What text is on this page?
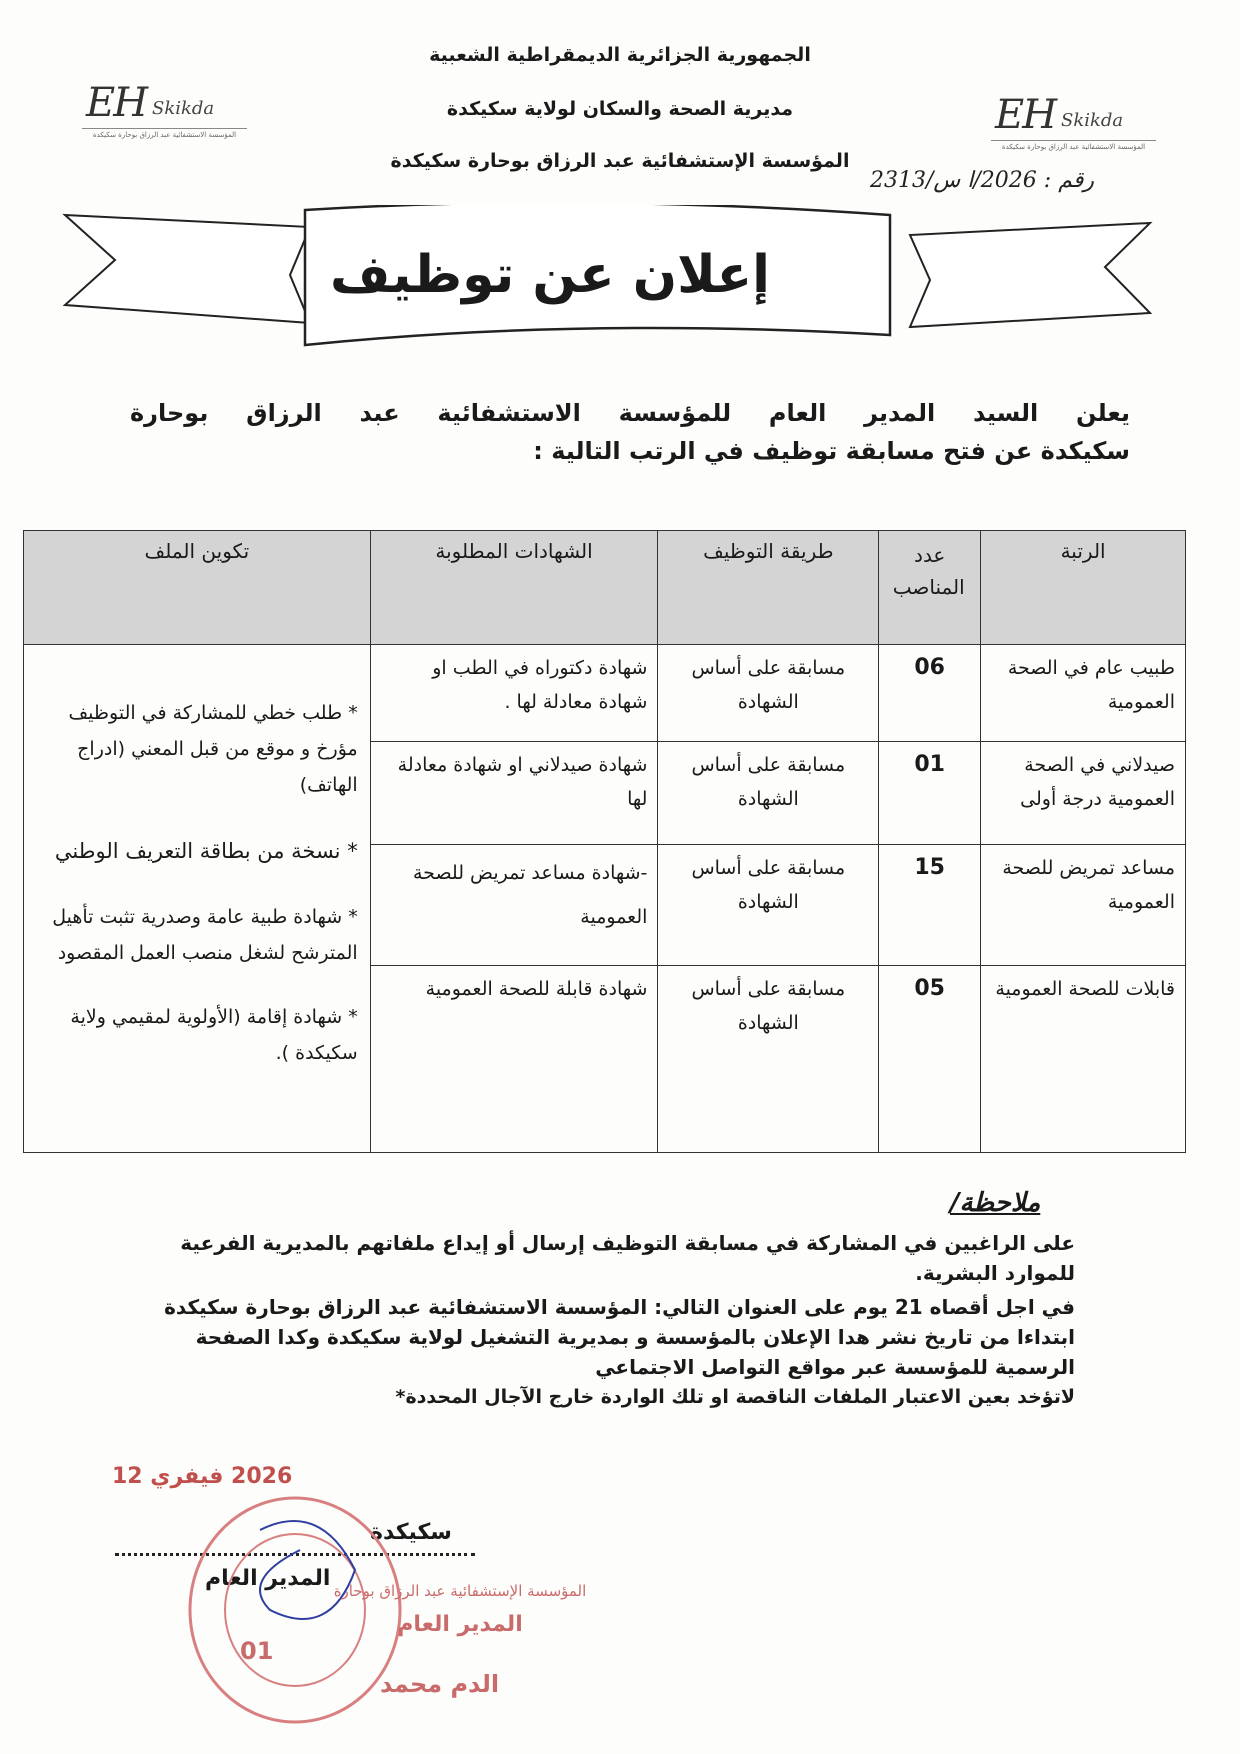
الجمهورية الجزائرية الديمقراطية الشعبية
مديرية الصحة والسكان لولاية سكيكدة
المؤسسة الإستشفائية عبد الرزاق بوحارة سكيكدة
EH Skikda
المؤسسة الاستشفائية عبد الرزاق بوحارة سكيكدة	EH Skikda
المؤسسة الاستشفائية عبد الرزاق بوحارة سكيكدة
رقم : 2026/ا س/2313
إعلان عن توظيف
يعلن السيد المدير العام للمؤسسة الاستشفائية عبد الرزاق بوحارة
سكيكدة عن فتح مسابقة توظيف في الرتب التالية :
الرتبة	عدد المناصب	طريقة التوظيف	الشهادات المطلوبة	تكوين الملف
طبيب عام في الصحة العمومية	06	مسابقة على أساس الشهادة	شهادة دكتوراه في الطب او شهادة معادلة لها .	* طلب خطي للمشاركة في التوظيف مؤرخ و موقع من قبل المعني (ادراج الهاتف)
* نسخة من بطاقة التعريف الوطني
* شهادة طبية عامة وصدرية تثبت تأهيل المترشح لشغل منصب العمل المقصود
* شهادة إقامة (الأولوية لمقيمي ولاية سكيكدة ).

صيدلاني في الصحة العمومية درجة أولى	01	مسابقة على أساس الشهادة	شهادة صيدلاني او شهادة معادلة لها	
مساعد تمريض للصحة العمومية	15	مسابقة على أساس الشهادة	-شهادة مساعد تمريض للصحة العمومية	
قابلات للصحة العمومية	05	مسابقة على أساس الشهادة	شهادة قابلة للصحة العمومية	
ملاحظة/
على الراغبين في المشاركة في مسابقة التوظيف إرسال أو إيداع ملفاتهم بالمديرية الفرعية للموارد البشرية.
في اجل أقصاه 21 يوم على العنوان التالي: المؤسسة الاستشفائية عبد الرزاق بوحارة سكيكدة
ابتداءا من تاريخ نشر هدا الإعلان بالمؤسسة و بمديرية التشغيل لولاية سكيكدة وكدا الصفحة
الرسمية للمؤسسة عبر مواقع التواصل الاجتماعي
لاتؤخد بعين الاعتبار الملفات الناقصة او تلك الواردة خارج الآجال المحددة*
2026 فيفري 12
سكيكدة
المدير العام
01
المؤسسة الإستشفائية عبد الرزاق بوحارة
المدير العام
الدم محمد
